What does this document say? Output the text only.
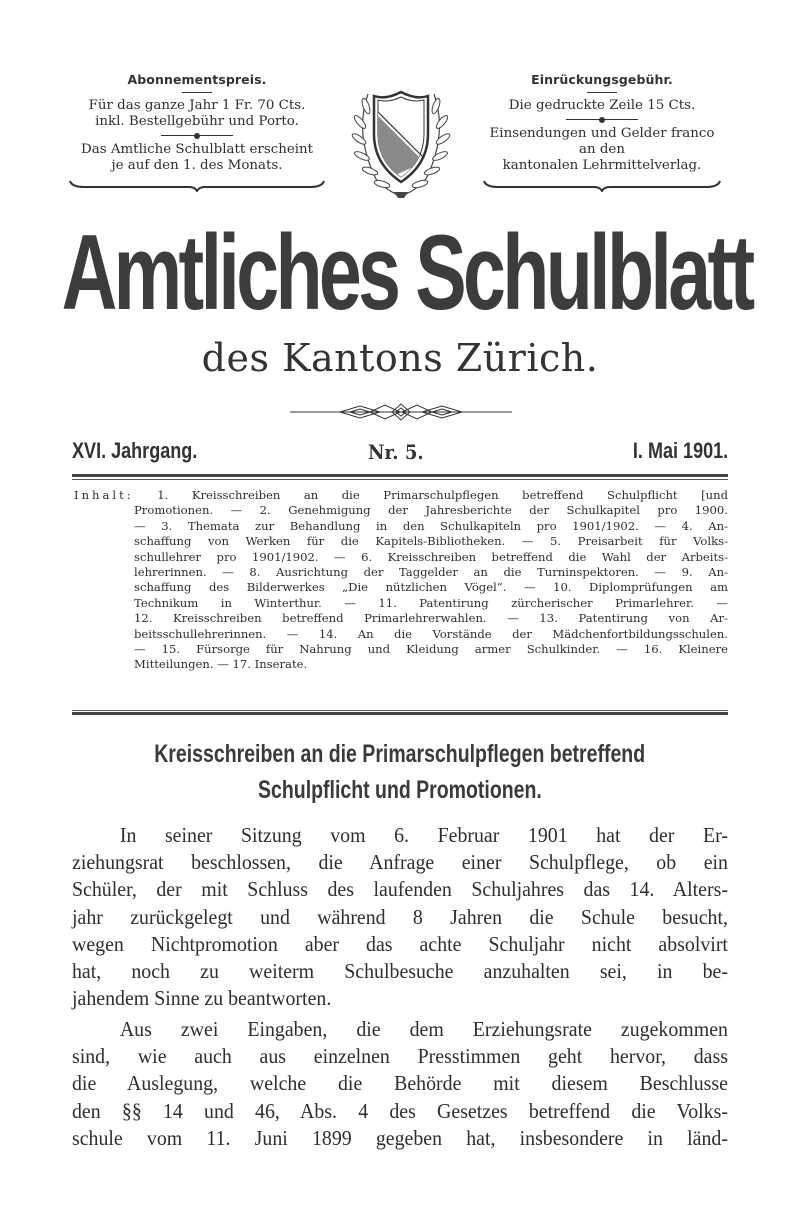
Abonnementspreis.
Für das ganze Jahr 1 Fr. 70 Cts.
inkl. Bestellgebühr und Porto.
Das Amtliche Schulblatt erscheint
je auf den 1. des Monats.
Einrückungsgebühr.
Die gedruckte Zeile 15 Cts.
Einsendungen und Gelder franco
an den
kantonalen Lehrmittelverlag.
Amtliches Schulblatt
des Kantons Zürich.
XVI. Jahrgang.	Nr. 5.	I. Mai 1901.
Inhalt: 1. Kreisschreiben an die Primarschulpflegen betreffend Schulpflicht [und
Promotionen. — 2. Genehmigung der Jahresberichte der Schulkapitel pro 1900.
— 3. Themata zur Behandlung in den Schulkapiteln pro 1901/1902. — 4. An-
schaffung von Werken für die Kapitels-Bibliotheken. — 5. Preisarbeit für Volks-
schullehrer pro 1901/1902. — 6. Kreisschreiben betreffend die Wahl der Arbeits-
lehrerinnen. — 8. Ausrichtung der Taggelder an die Turninspektoren. — 9. An-
schaffung des Bilderwerkes „Die nützlichen Vögel“. — 10. Diplomprüfungen am
Technikum in Winterthur. — 11. Patentirung zürcherischer Primarlehrer. —
12. Kreisschreiben betreffend Primarlehrerwahlen. — 13. Patentirung von Ar-
beitsschullehrerinnen. — 14. An die Vorstände der Mädchenfortbildungsschulen.
— 15. Fürsorge für Nahrung und Kleidung armer Schulkinder. — 16. Kleinere
Mitteilungen. — 17. Inserate.
Kreisschreiben an die Primarschulpflegen betreffend
Schulpflicht und Promotionen.
In seiner Sitzung vom 6. Februar 1901 hat der Er-
ziehungsrat beschlossen, die Anfrage einer Schulpflege, ob ein
Schüler, der mit Schluss des laufenden Schuljahres das 14. Alters-
jahr zurückgelegt und während 8 Jahren die Schule besucht,
wegen Nichtpromotion aber das achte Schuljahr nicht absolvirt
hat, noch zu weiterm Schulbesuche anzuhalten sei, in be-
jahendem Sinne zu beantworten.
Aus zwei Eingaben, die dem Erziehungsrate zugekommen
sind, wie auch aus einzelnen Presstimmen geht hervor, dass
die Auslegung, welche die Behörde mit diesem Beschlusse
den §§ 14 und 46, Abs. 4 des Gesetzes betreffend die Volks-
schule vom 11. Juni 1899 gegeben hat, insbesondere in länd-
